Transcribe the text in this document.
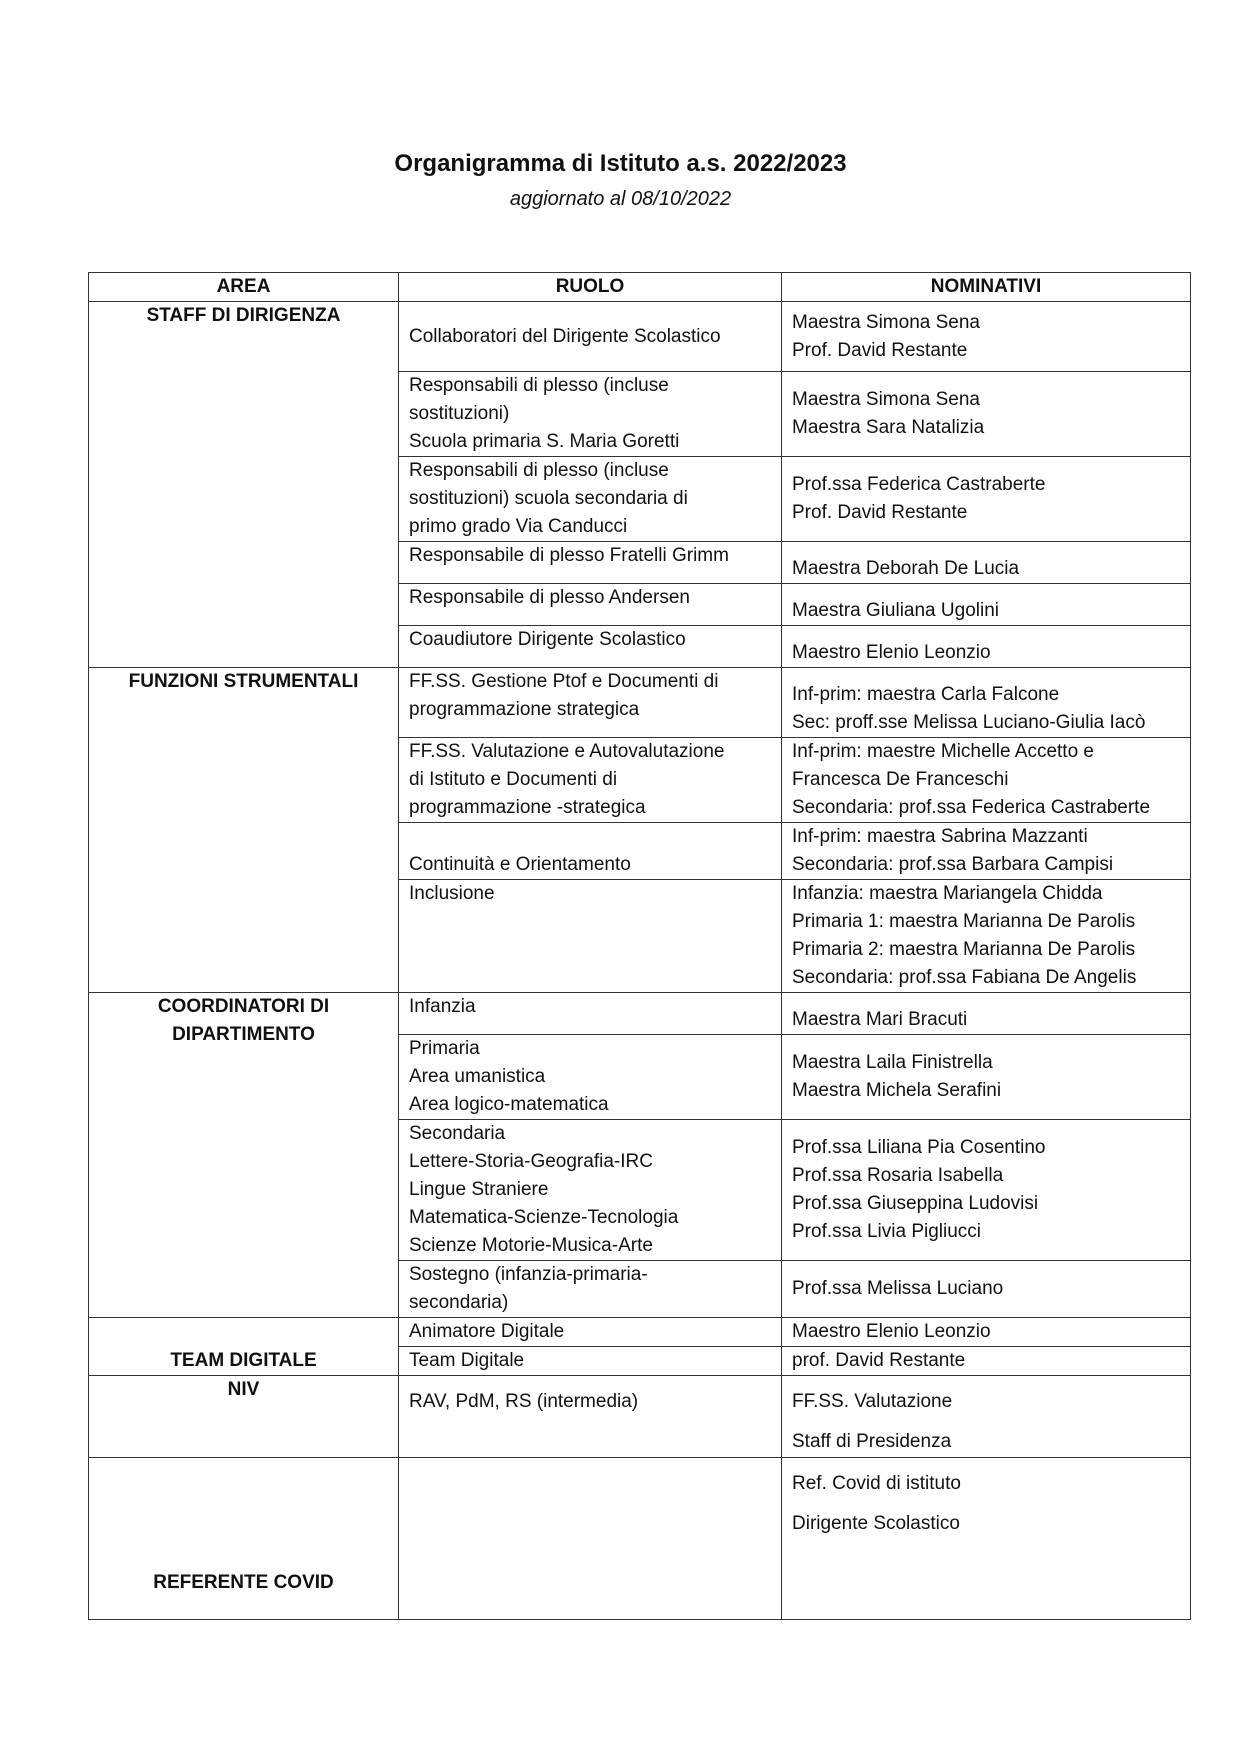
Organigramma di Istituto a.s. 2022/2023
aggiornato al 08/10/2022
AREA	RUOLO	NOMINATIVI
STAFF DI DIRIGENZA	Collaboratori del Dirigente Scolastico	Maestra Simona Sena
Prof. David Restante

	Responsabili di plesso (incluse
sostituzioni)
Scuola primaria S. Maria Goretti	Maestra Simona Sena
Maestra Sara Natalizia

	Responsabili di plesso (incluse
sostituzioni) scuola secondaria di
primo grado Via Canducci	Prof.ssa Federica Castraberte
Prof. David Restante

	Responsabile di plesso Fratelli Grimm	Maestra Deborah De Lucia

	Responsabile di plesso Andersen	Maestra Giuliana Ugolini

	Coaudiutore Dirigente Scolastico	Maestro Elenio Leonzio

FUNZIONI STRUMENTALI	FF.SS. Gestione Ptof e Documenti di
programmazione strategica	Inf-prim: maestra Carla Falcone
Sec: proff.sse Melissa Luciano-Giulia Iacò

	FF.SS. Valutazione e Autovalutazione
di Istituto e Documenti di
programmazione -strategica	Inf-prim: maestre Michelle Accetto e
Francesca De Franceschi
Secondaria: prof.ssa Federica Castraberte

	Continuità e Orientamento	Inf-prim: maestra Sabrina Mazzanti
Secondaria: prof.ssa Barbara Campisi

	Inclusione	Infanzia: maestra Mariangela Chidda
Primaria 1: maestra Marianna De Parolis
Primaria 2: maestra Marianna De Parolis
Secondaria: prof.ssa Fabiana De Angelis

COORDINATORI DI
DIPARTIMENTO	Infanzia	Maestra Mari Bracuti

	Primaria
Area umanistica
Area logico-matematica	Maestra Laila Finistrella
Maestra Michela Serafini

	Secondaria
Lettere-Storia-Geografia-IRC
Lingue Straniere
Matematica-Scienze-Tecnologia
Scienze Motorie-Musica-Arte	Prof.ssa Liliana Pia Cosentino
Prof.ssa Rosaria Isabella
Prof.ssa Giuseppina Ludovisi
Prof.ssa Livia Pigliucci

	Sostegno (infanzia-primaria-
secondaria)	Prof.ssa Melissa Luciano

TEAM DIGITALE	Animatore Digitale	Maestro Elenio Leonzio

	Team Digitale	prof. David Restante

NIV	RAV, PdM, RS (intermedia)	FF.SS. Valutazione
Staff di Presidenza

REFERENTE COVID		Ref. Covid di istituto
Dirigente Scolastico
